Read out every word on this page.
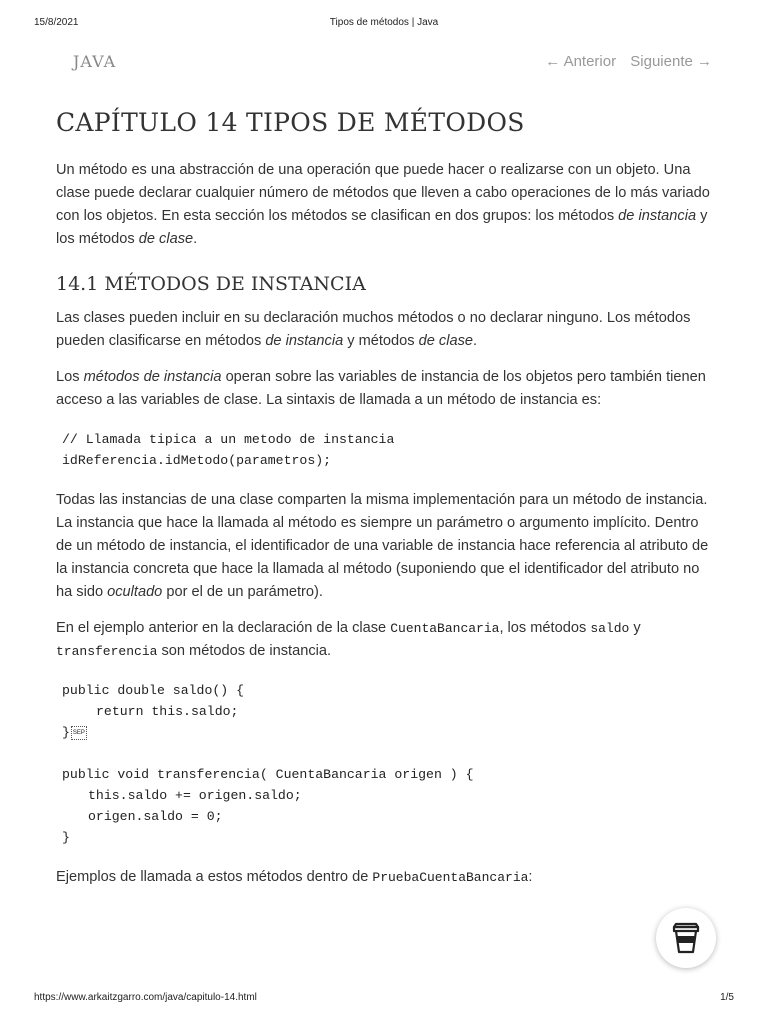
15/8/2021	Tipos de métodos | Java
JAVA	← Anterior Siguiente →
CAPÍTULO 14 TIPOS DE MÉTODOS

Un método es una abstracción de una operación que puede hacer o realizarse con un objeto. Una clase puede declarar cualquier número de métodos que lleven a cabo operaciones de lo más variado con los objetos. En esta sección los métodos se clasifican en dos grupos: los métodos de instancia y los métodos de clase.

14.1 MÉTODOS DE INSTANCIA

Las clases pueden incluir en su declaración muchos métodos o no declarar ninguno. Los métodos pueden clasificarse en métodos de instancia y métodos de clase.

Los métodos de instancia operan sobre las variables de instancia de los objetos pero también tienen acceso a las variables de clase. La sintaxis de llamada a un método de instancia es:

// Llamada tipica a un metodo de instancia
idReferencia.idMetodo(parametros);

Todas las instancias de una clase comparten la misma implementación para un método de instancia. La instancia que hace la llamada al método es siempre un parámetro o argumento implícito. Dentro de un método de instancia, el identificador de una variable de instancia hace referencia al atributo de la instancia concreta que hace la llamada al método (suponiendo que el identificador del atributo no ha sido ocultado por el de un parámetro).

En el ejemplo anterior en la declaración de la clase CuentaBancaria, los métodos saldo y transferencia son métodos de instancia.

public double saldo() {
return this.saldo;
} SEP

public void transferencia( CuentaBancaria origen ) {
this.saldo += origen.saldo;
origen.saldo = 0;
}

Ejemplos de llamada a estos métodos dentro de PruebaCuentaBancaria:

https://www.arkaitzgarro.com/java/capitulo-14.html	1/5
